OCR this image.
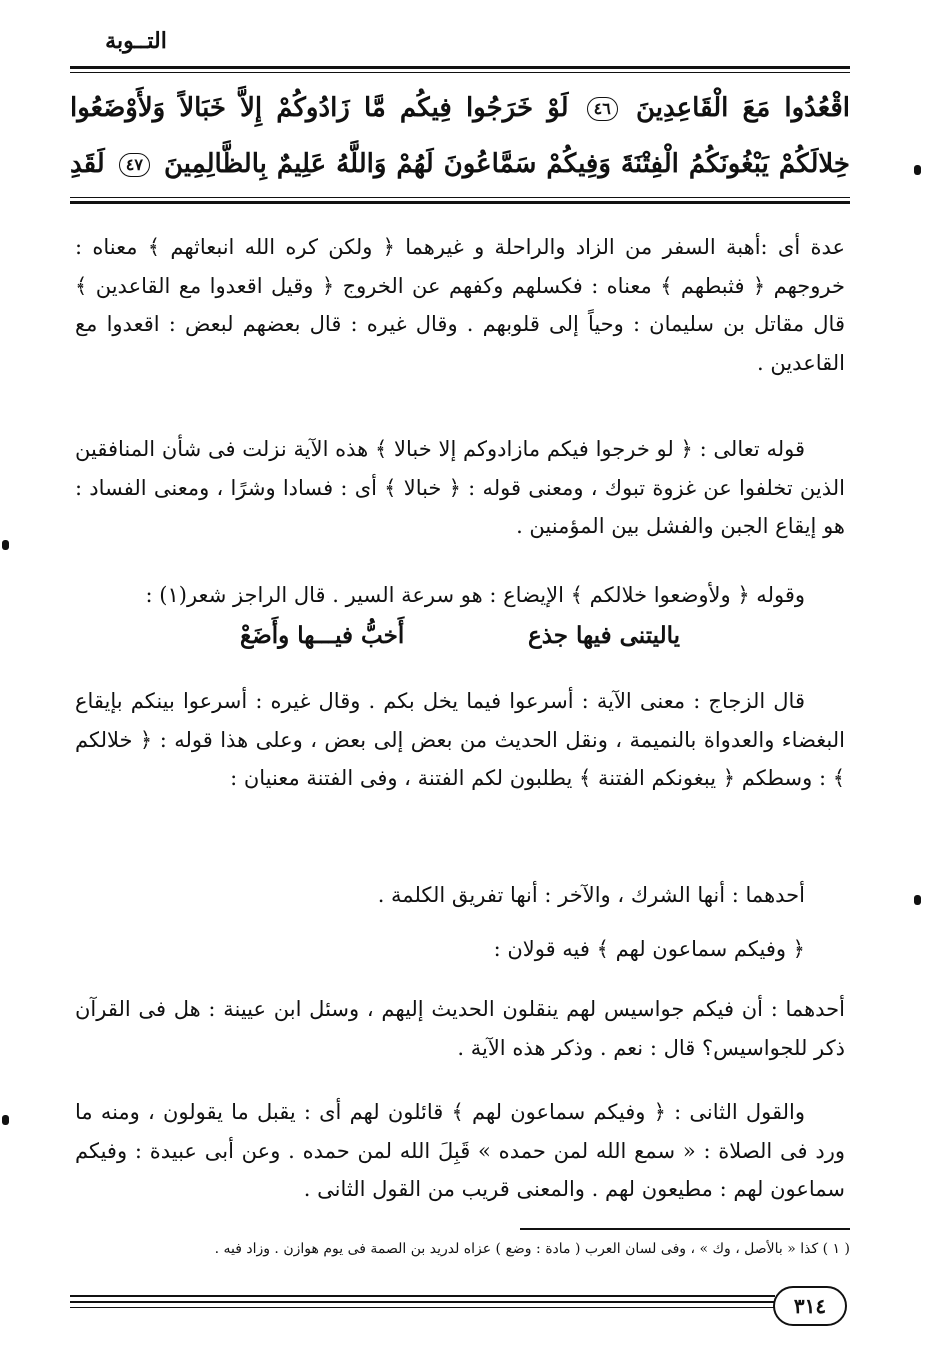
التــوبة
اقْعُدُوا مَعَ الْقَاعِدِينَ ٤٦ لَوْ خَرَجُوا فِيكُم مَّا زَادُوكُمْ إِلاَّ خَبَالاً وَلأَوْضَعُوا
خِلالَكُمْ يَبْغُونَكُمُ الْفِتْنَةَ وَفِيكُمْ سَمَّاعُونَ لَهُمْ وَاللَّهُ عَلِيمٌ بِالظَّالِمِينَ ٤٧ لَقَدِ
عدة أى :أهبة السفر من الزاد والراحلة و غيرهما ﴿ ولكن كره الله انبعاثهم ﴾ معناه : خروجهم ﴿ فثبطهم ﴾ معناه : فكسلهم وكفهم عن الخروج ﴿ وقيل اقعدوا مع القاعدين ﴾ قال مقاتل بن سليمان : وحياً إلى قلوبهم . وقال غيره : قال بعضهم لبعض : اقعدوا مع القاعدين .
قوله تعالى : ﴿ لو خرجوا فيكم مازادوكم إلا خبالا ﴾ هذه الآية نزلت فى شأن المنافقين الذين تخلفوا عن غزوة تبوك ، ومعنى قوله : ﴿ خبالا ﴾ أى : فسادا وشرًا ، ومعنى الفساد : هو إيقاع الجبن والفشل بين المؤمنين .
وقوله ﴿ ولأوضعوا خلالكم ﴾ الإيضاع : هو سرعة السير . قال الراجز شعر(١) :
ياليتنى فيها جذع
أَخبُّ فيـــها وأَضَعْ
قال الزجاج : معنى الآية : أسرعوا فيما يخل بكم . وقال غيره : أسرعوا بينكم بإيقاع البغضاء والعدواة بالنميمة ، ونقل الحديث من بعض إلى بعض ، وعلى هذا قوله : ﴿ خلالكم ﴾ : وسطكم ﴿ يبغونكم الفتنة ﴾ يطلبون لكم الفتنة ، وفى الفتنة معنيان :
أحدهما : أنها الشرك ، والآخر : أنها تفريق الكلمة .
﴿ وفيكم سماعون لهم ﴾ فيه قولان :
أحدهما : أن فيكم جواسيس لهم ينقلون الحديث إليهم ، وسئل ابن عيينة : هل فى القرآن ذكر للجواسيس؟ قال : نعم . وذكر هذه الآية .
والقول الثانى : ﴿ وفيكم سماعون لهم ﴾ قائلون لهم أى : يقبل ما يقولون ، ومنه ما ورد فى الصلاة : « سمع الله لمن حمده » قَبِلَ الله لمن حمده . وعن أبى عبيدة : وفيكم سماعون لهم : مطيعون لهم . والمعنى قريب من القول الثانى .
( ١ ) كذا « بالأصل ، وك » ، وفى لسان العرب ( مادة : وضع ) عزاه لدريد بن الصمة فى يوم هوازن . وزاد فيه .
٣١٤
